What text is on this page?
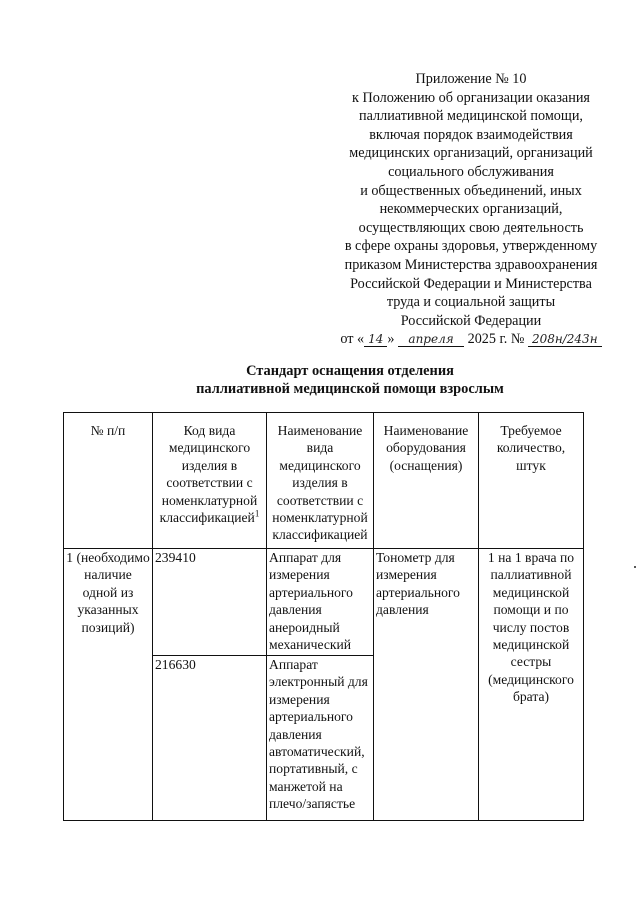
Приложение № 10
к Положению об организации оказания
паллиативной медицинской помощи,
включая порядок взаимодействия
медицинских организаций, организаций
социального обслуживания
и общественных объединений, иных
некоммерческих организаций,
осуществляющих свою деятельность
в сфере охраны здоровья, утвержденному
приказом Министерства здравоохранения
Российской Федерации и Министерства
труда и социальной защиты
Российской Федерации
от « 14 » апреля 2025 г. № 208н/243н
Стандарт оснащения отделения
паллиативной медицинской помощи взрослым
№ п/п	Код вида медицинского изделия в соответствии с номенклатурной классификацией$^1$	Наименование вида медицинского изделия в соответствии с номенклатурной классификацией	Наименование оборудования (оснащения)	Требуемое количество, штук
1 (необходимо наличие одной из указанных позиций)	239410	Аппарат для измерения артериального давления анероидный механический	Тонометр для измерения артериального давления	1 на 1 врача по паллиативной медицинской помощи и по числу постов медицинской сестры (медицинского брата)
	216630	Аппарат электронный для измерения артериального давления автоматический, портативный, с манжетой на плечо/запястье		
